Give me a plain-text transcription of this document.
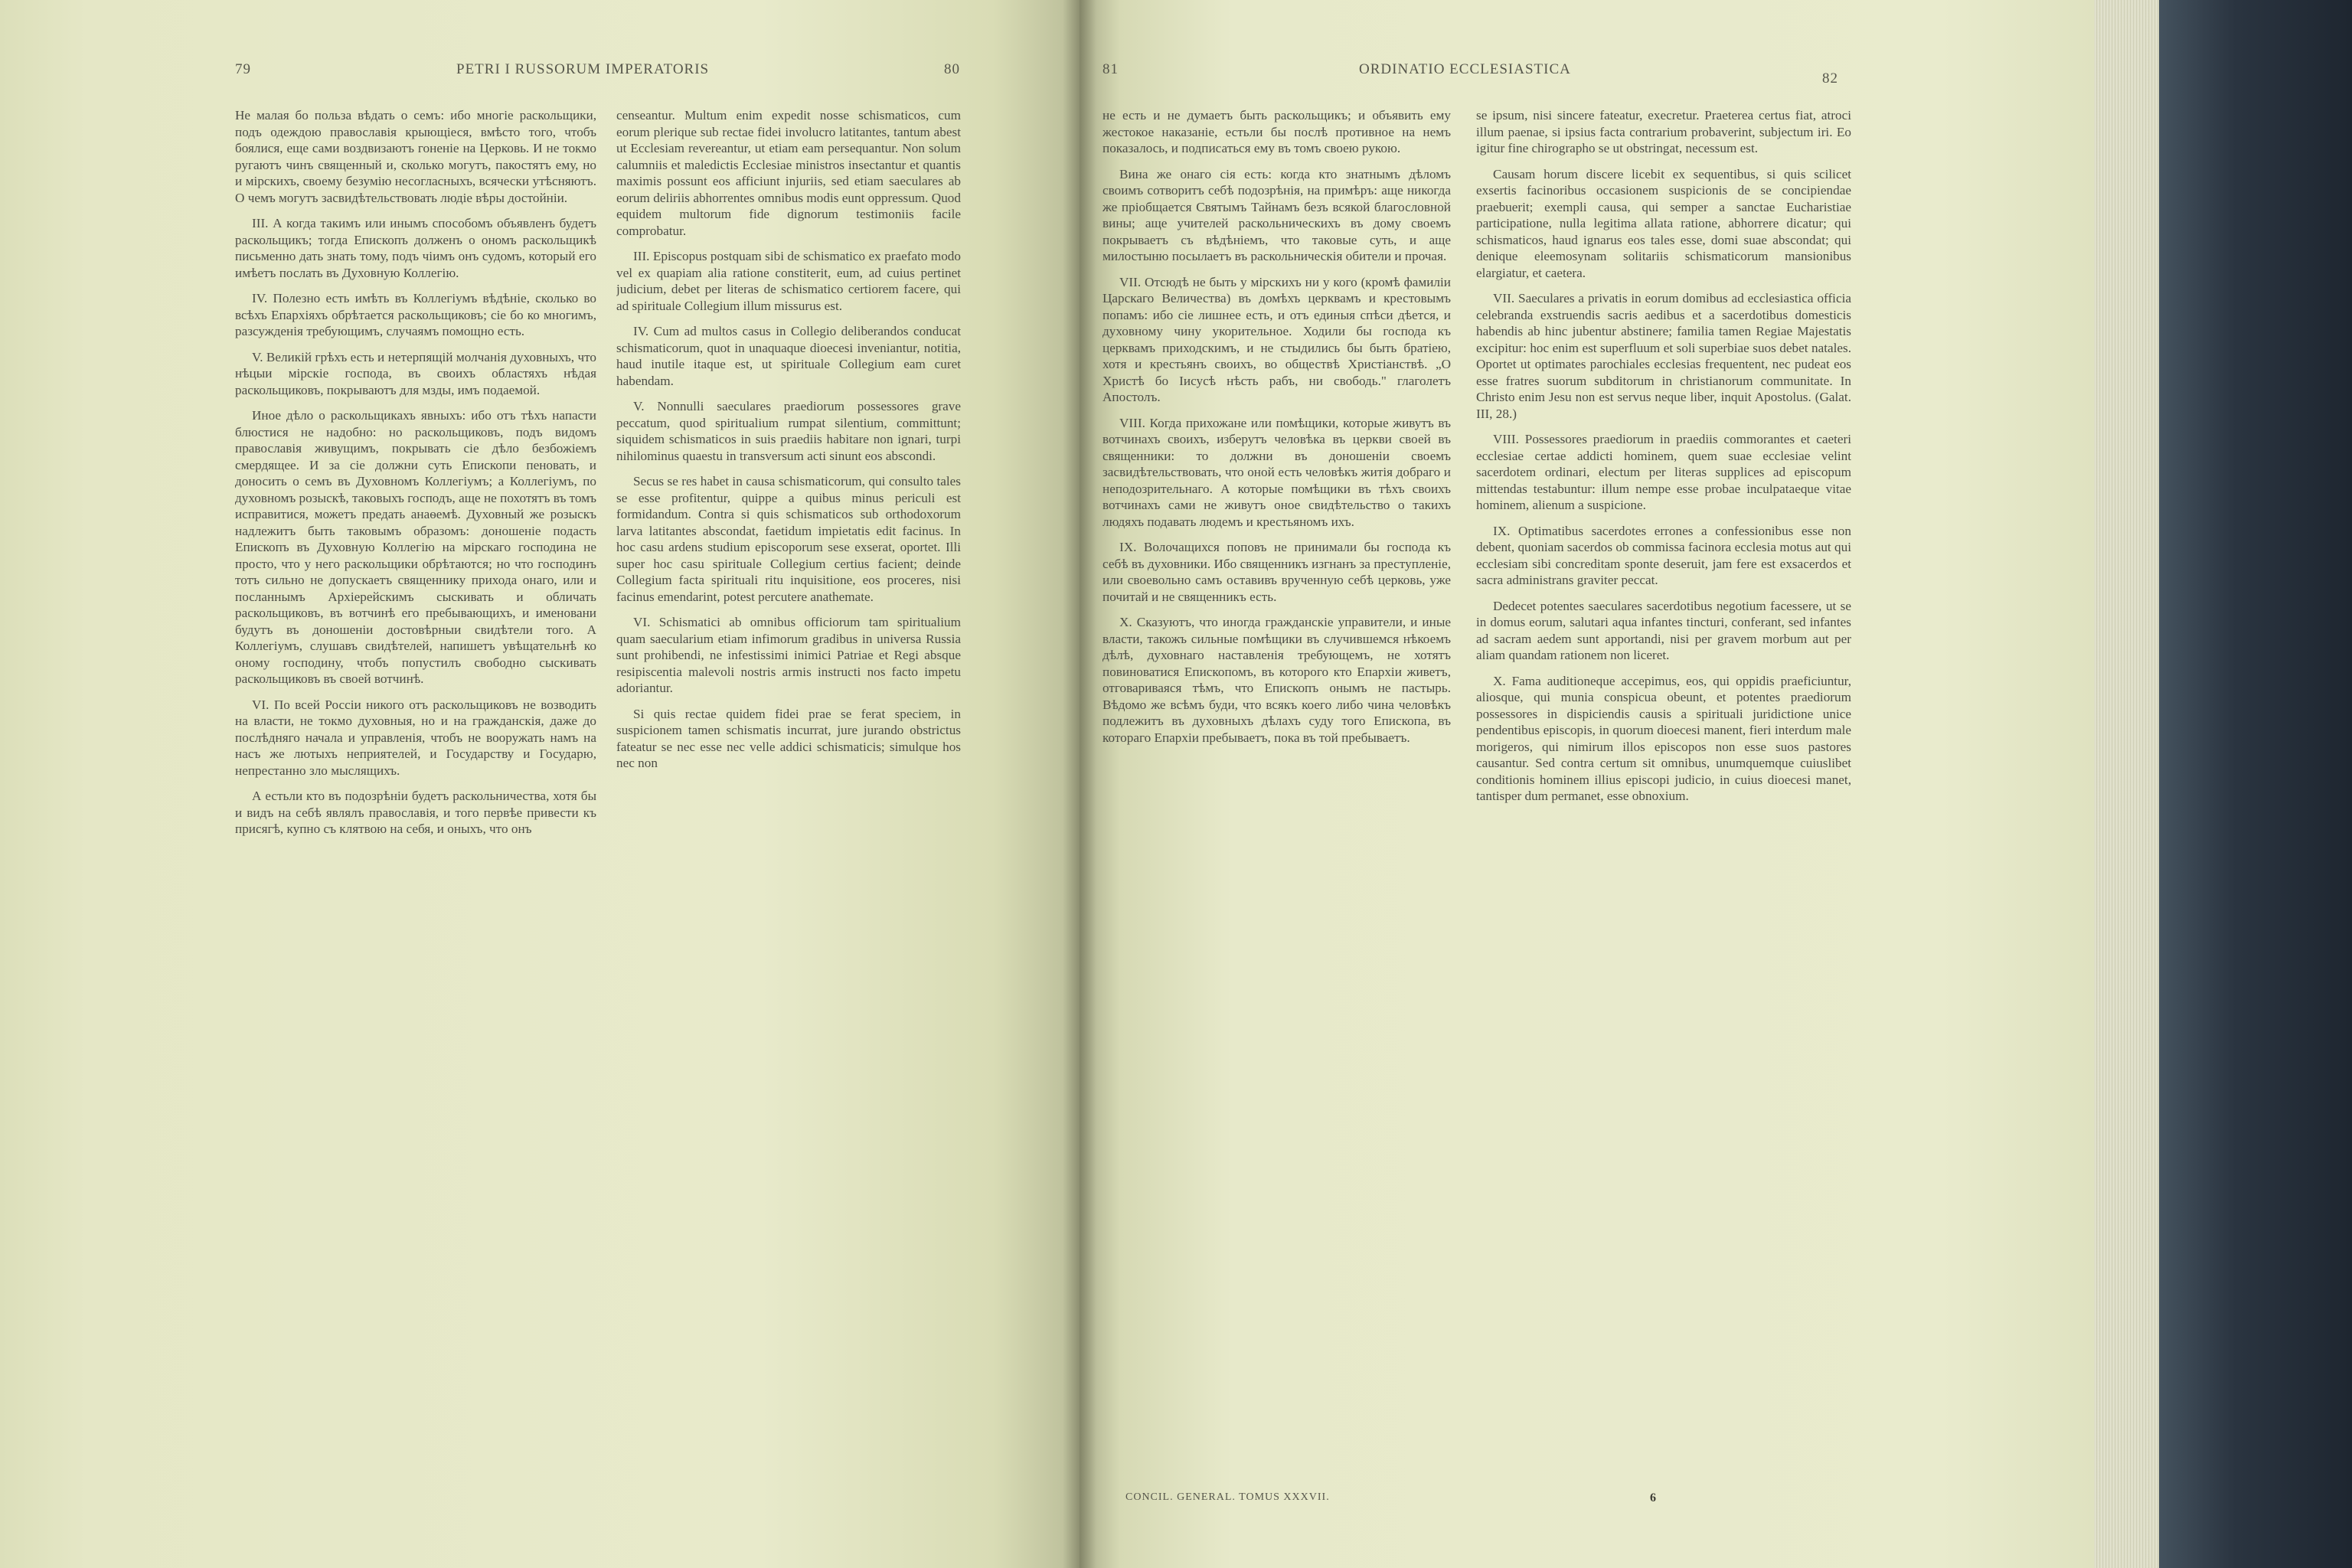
79	PETRI I RUSSORUM IMPERATORIS	80

Не малая бо польза вѣдать о семъ: ибо многіе раскольщики, подъ одеждою православія крыющіеся, вмѣсто того, чтобъ боялися, еще сами воздвизаютъ гоненіе на Церковь. И не токмо ругаютъ чинъ священный и, сколько могутъ, пакостятъ ему, но и мірскихъ, своему безумію несогласныхъ, всячески утѣсняютъ. О чемъ могутъ засвидѣтельствовать людіе вѣры достойніи.

III. А когда такимъ или инымъ способомъ объявленъ будетъ раскольщикъ; тогда Епископъ долженъ о ономъ раскольщикѣ письменно дать знать тому, подъ чіимъ онъ судомъ, который его имѣетъ послать въ Духовную Коллегію.

IV. Полезно есть имѣть въ Коллегіумъ вѣдѣніе, сколько во всѣхъ Епархіяхъ обрѣтается раскольщиковъ; сіе бо ко многимъ, разсужденія требующимъ, случаямъ помощно есть.

V. Великій грѣхъ есть и нетерпящій молчанія духовныхъ, что нѣцыи мірскіе господа, въ своихъ областяхъ нѣдая раскольщиковъ, покрываютъ для мзды, имъ подаемой.

Иное дѣло о раскольщикахъ явныхъ: ибо отъ тѣхъ напасти блюстися не надобно: но раскольщиковъ, подъ видомъ православія живущимъ, покрывать сіе дѣло безбожіемъ смердящее. И за сіе должни суть Епископи пеновать, и доносить о семъ въ Духовномъ Коллегіумъ; а Коллегіумъ, по духовномъ розыскѣ, таковыхъ господъ, аще не похотятъ въ томъ исправитися, можетъ предать анаѳемѣ. Духовный же розыскъ надлежитъ быть таковымъ образомъ: доношеніе подасть Епископъ въ Духовную Коллегію на мірскаго господина не просто, что у него раскольщики обрѣтаются; но что господинъ тотъ сильно не допускаетъ священнику прихода онаго, или и посланнымъ Архіерейскимъ сыскивать и обличать раскольщиковъ, въ вотчинѣ его пребывающихъ, и именовани будутъ въ доношеніи достовѣрныи свидѣтели того. А Коллегіумъ, слушавъ свидѣтелей, напишетъ увѣщательнѣ ко оному господину, чтобъ попустилъ свободно сыскивать раскольщиковъ въ своей вотчинѣ.

VI. По всей Россіи никого отъ раскольщиковъ не возводить на власти, не токмо духовныя, но и на гражданскія, даже до послѣдняго начала и управленія, чтобъ не вооружать намъ на насъ же лютыхъ неприятелей, и Государству и Государю, непрестанно зло мыслящихъ.

А естьли кто въ подозрѣніи будетъ раскольничества, хотя бы и видъ на себѣ являлъ православія, и того первѣе привести къ присягѣ, купно съ клятвою на себя, и оныхъ, что онъ

censeantur. Multum enim expedit nosse schismaticos, cum eorum plerique sub rectae fidei involucro latitantes, tantum abest ut Ecclesiam revereantur, ut etiam eam persequantur. Non solum calumniis et maledictis Ecclesiae ministros insectantur et quantis maximis possunt eos afficiunt injuriis, sed etiam saeculares ab eorum deliriis abhorrentes omnibus modis eunt oppressum. Quod equidem multorum fide dignorum testimoniis facile comprobatur.

III. Episcopus postquam sibi de schismatico ex praefato modo vel ex quapiam alia ratione constiterit, eum, ad cuius pertinet judicium, debet per literas de schismatico certiorem facere, qui ad spirituale Collegium illum missurus est.

IV. Cum ad multos casus in Collegio deliberandos conducat schismaticorum, quot in unaquaque dioecesi inveniantur, notitia, haud inutile itaque est, ut spirituale Collegium eam curet habendam.

V. Nonnulli saeculares praediorum possessores grave peccatum, quod spiritualium rumpat silentium, committunt; siquidem schismaticos in suis praediis habitare non ignari, turpi nihilominus quaestu in transversum acti sinunt eos abscondi.

Secus se res habet in causa schismaticorum, qui consulto tales se esse profitentur, quippe a quibus minus periculi est formidandum. Contra si quis schismaticos sub orthodoxorum larva latitantes abscondat, faetidum impietatis edit facinus. In hoc casu ardens studium episcoporum sese exserat, oportet. Illi super hoc casu spirituale Collegium certius facient; deinde Collegium facta spirituali ritu inquisitione, eos proceres, nisi facinus emendarint, potest percutere anathemate.

VI. Schismatici ab omnibus officiorum tam spiritualium quam saecularium etiam infimorum gradibus in universa Russia sunt prohibendi, ne infestissimi inimici Patriae et Regi absque resipiscentia malevoli nostris armis instructi nos facto impetu adoriantur.

Si quis rectae quidem fidei prae se ferat speciem, in suspicionem tamen schismatis incurrat, jure jurando obstrictus fateatur se nec esse nec velle addici schismaticis; simulque hos nec non

81	ORDINATIO ECCLESIASTICA
82

не есть и не думаетъ быть раскольщикъ; и объявить ему жестокое наказаніе, естьли бы послѣ противное на немъ показалось, и подписаться ему въ томъ своею рукою.

Вина же онаго сія есть: когда кто знатнымъ дѣломъ своимъ сотворитъ себѣ подозрѣнія, на примѣръ: аще никогда же пріобщается Святымъ Тайнамъ безъ всякой благословной вины; аще учителей раскольническихъ въ дому своемъ покрываетъ съ вѣдѣніемъ, что таковые суть, и аще милостыню посылаетъ въ раскольническія обители и прочая.

VII. Отсюдѣ не быть у мірскихъ ни у кого (кромѣ фамиліи Царскаго Величества) въ домѣхъ церквамъ и крестовымъ попамъ: ибо сіе лишнее есть, и отъ единыя спѣси дѣется, и духовному чину укорительное. Ходили бы господа къ церквамъ приходскимъ, и не стыдились бы быть братіею, хотя и крестьянъ своихъ, во обществѣ Христіанствѣ. „О Христѣ бо Іисусѣ нѣсть рабъ, ни свободь." глаголетъ Апостолъ.

VIII. Когда прихожане или помѣщики, которые живутъ въ вотчинахъ своихъ, изберутъ человѣка въ церкви своей въ священники: то должни въ доношеніи своемъ засвидѣтельствовать, что оной есть человѣкъ житія добраго и неподозрительнаго. А которые помѣщики въ тѣхъ своихъ вотчинахъ сами не живутъ оное свидѣтельство о такихъ людяхъ подавать людемъ и крестьяномъ ихъ.

IX. Волочащихся поповъ не принимали бы господа къ себѣ въ духовники. Ибо священникъ изгнанъ за преступленіе, или своевольно самъ оставивъ врученную себѣ церковь, уже почитай и не священникъ есть.

X. Сказуютъ, что иногда гражданскіе управители, и иные власти, такожъ сильные помѣщики въ случившемся нѣкоемъ дѣлѣ, духовнаго наставленія требующемъ, не хотятъ повиноватися Епископомъ, въ которого кто Епархіи живетъ, отговариваяся тѣмъ, что Епископъ онымъ не пастырь. Вѣдомо же всѣмъ буди, что всякъ коего либо чина человѣкъ подлежитъ въ духовныхъ дѣлахъ суду того Епископа, въ котораго Епархіи пребываетъ, пока въ той пребываетъ.

se ipsum, nisi sincere fateatur, execretur. Praeterea certus fiat, atroci illum paenae, si ipsius facta contrarium probaverint, subjectum iri. Eo igitur fine chirographo se ut obstringat, necessum est.

Causam horum discere licebit ex sequentibus, si quis scilicet exsertis facinoribus occasionem suspicionis de se concipiendae praebuerit; exempli causa, qui semper a sanctae Eucharistiae participatione, nulla legitima allata ratione, abhorrere dicatur; qui schismaticos, haud ignarus eos tales esse, domi suae abscondat; qui denique eleemosynam solitariis schismaticorum mansionibus elargiatur, et caetera.

VII. Saeculares a privatis in eorum domibus ad ecclesiastica officia celebranda exstruendis sacris aedibus et a sacerdotibus domesticis habendis ab hinc jubentur abstinere; familia tamen Regiae Majestatis excipitur: hoc enim est superfluum et soli superbiae suos debet natales. Oportet ut optimates parochiales ecclesias frequentent, nec pudeat eos esse fratres suorum subditorum in christianorum communitate. In Christo enim Jesu non est servus neque liber, inquit Apostolus. (Galat. III, 28.)

VIII. Possessores praediorum in praediis commorantes et caeteri ecclesiae certae addicti hominem, quem suae ecclesiae velint sacerdotem ordinari, electum per literas supplices ad episcopum mittendas testabuntur: illum nempe esse probae inculpataeque vitae hominem, alienum a suspicione.

IX. Optimatibus sacerdotes errones a confessionibus esse non debent, quoniam sacerdos ob commissa facinora ecclesia motus aut qui ecclesiam sibi concreditam sponte deseruit, jam fere est exsacerdos et sacra administrans graviter peccat.

Dedecet potentes saeculares sacerdotibus negotium facessere, ut se in domus eorum, salutari aqua infantes tincturi, conferant, sed infantes ad sacram aedem sunt apportandi, nisi per gravem morbum aut per aliam quandam rationem non liceret.

X. Fama auditioneque accepimus, eos, qui oppidis praeficiuntur, aliosque, qui munia conspicua obeunt, et potentes praediorum possessores in dispiciendis causis a spirituali juridictione unice pendentibus episcopis, in quorum dioecesi manent, fieri interdum male morigeros, qui nimirum illos episcopos non esse suos pastores causantur. Sed contra certum sit omnibus, unumquemque cuiuslibet conditionis hominem illius episcopi judicio, in cuius dioecesi manet, tantisper dum permanet, esse obnoxium.

CONCIL. GENERAL. TOMUS XXXVII.	6
